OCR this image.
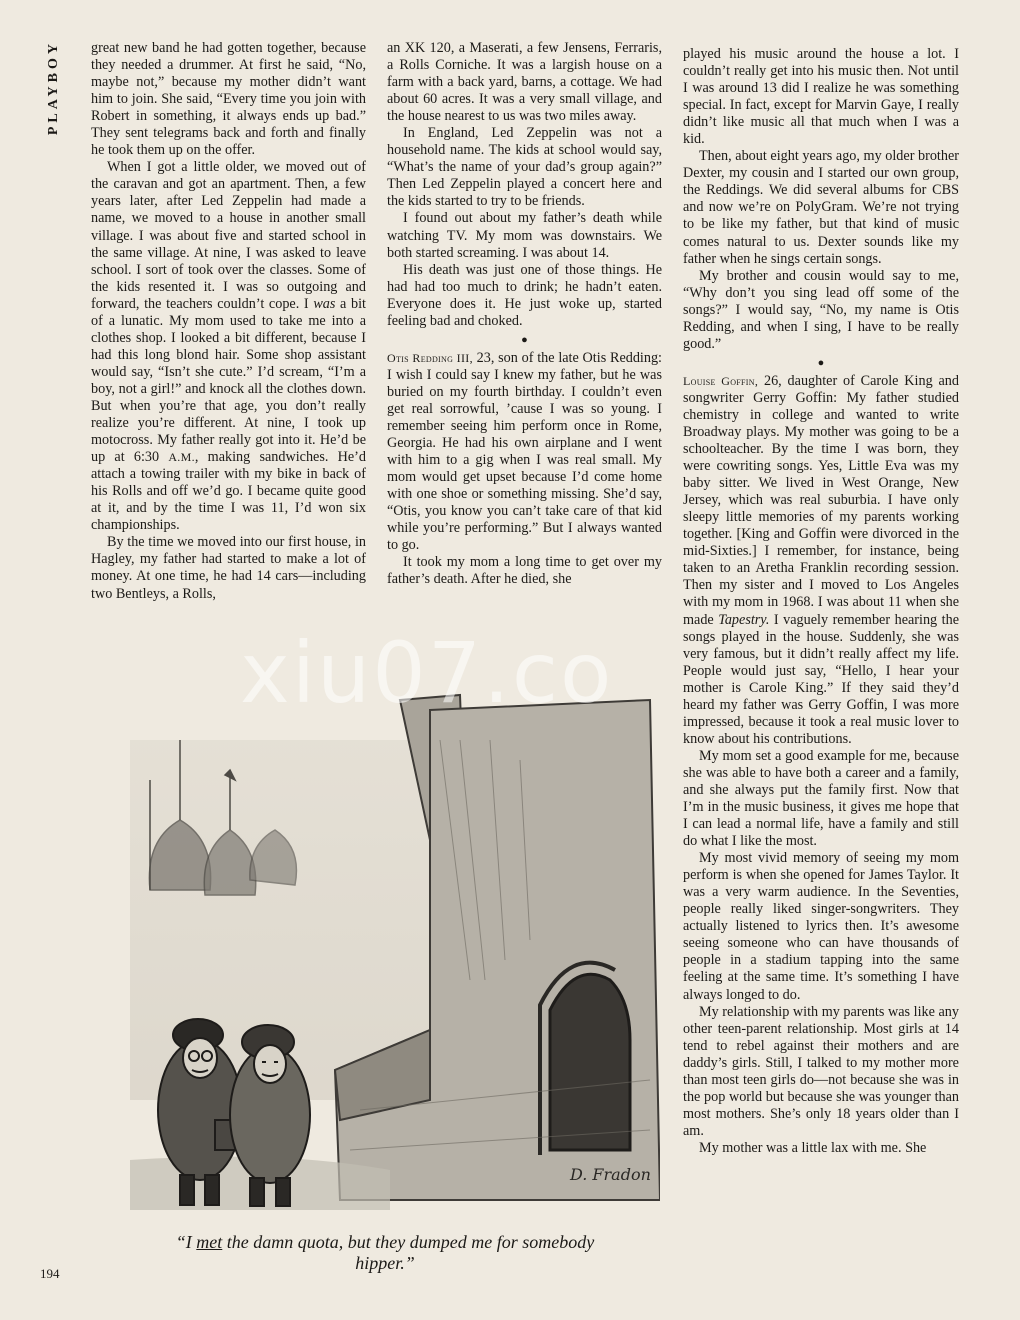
PLAYBOY	great new band he had gotten together, because they needed a drummer. At first he said, “No, maybe not,” because my mother didn’t want him to join. She said, “Every time you join with Robert in something, it always ends up bad.” They sent telegrams back and forth and finally he took them up on the offer.

When I got a little older, we moved out of the caravan and got an apartment. Then, a few years later, after Led Zeppelin had made a name, we moved to a house in another small village. I was about five and started school in the same village. At nine, I was asked to leave school. I sort of took over the classes. Some of the kids resented it. I was so outgoing and forward, the teachers couldn’t cope. I was a bit of a lunatic. My mom used to take me into a clothes shop. I looked a bit different, because I had this long blond hair. Some shop assistant would say, “Isn’t she cute.” I’d scream, “I’m a boy, not a girl!” and knock all the clothes down. But when you’re that age, you don’t really realize you’re different. At nine, I took up motocross. My father really got into it. He’d be up at 6:30 A.M., making sandwiches. He’d attach a towing trailer with my bike in back of his Rolls and off we’d go. I became quite good at it, and by the time I was 11, I’d won six championships.

By the time we moved into our first house, in Hagley, my father had started to make a lot of money. At one time, he had 14 cars—including two Bentleys, a Rolls,

an XK 120, a Maserati, a few Jensens, Ferraris, a Rolls Corniche. It was a largish house on a farm with a back yard, barns, a cottage. We had about 60 acres. It was a very small village, and the house nearest to us was two miles away.

In England, Led Zeppelin was not a household name. The kids at school would say, “What’s the name of your dad’s group again?” Then Led Zeppelin played a concert here and the kids started to try to be friends.

I found out about my father’s death while watching TV. My mom was downstairs. We both started screaming. I was about 14.

His death was just one of those things. He had had too much to drink; he hadn’t eaten. Everyone does it. He just woke up, started feeling bad and choked.

●

Otis Redding III, 23, son of the late Otis Redding: I wish I could say I knew my father, but he was buried on my fourth birthday. I couldn’t even get real sorrowful, ’cause I was so young. I remember seeing him perform once in Rome, Georgia. He had his own airplane and I went with him to a gig when I was real small. My mom would get upset because I’d come home with one shoe or something missing. She’d say, “Otis, you know you can’t take care of that kid while you’re performing.” But I always wanted to go.

It took my mom a long time to get over my father’s death. After he died, she

played his music around the house a lot. I couldn’t really get into his music then. Not until I was around 13 did I realize he was something special. In fact, except for Marvin Gaye, I really didn’t like music all that much when I was a kid.

Then, about eight years ago, my older brother Dexter, my cousin and I started our own group, the Reddings. We did several albums for CBS and now we’re on PolyGram. We’re not trying to be like my father, but that kind of music comes natural to us. Dexter sounds like my father when he sings certain songs.

My brother and cousin would say to me, “Why don’t you sing lead off some of the songs?” I would say, “No, my name is Otis Redding, and when I sing, I have to be really good.”

●

Louise Goffin, 26, daughter of Carole King and songwriter Gerry Goffin: My father studied chemistry in college and wanted to write Broadway plays. My mother was going to be a schoolteacher. By the time I was born, they were cowriting songs. Yes, Little Eva was my baby sitter. We lived in West Orange, New Jersey, which was real suburbia. I have only sleepy little memories of my parents working together. [King and Goffin were divorced in the mid-Sixties.] I remember, for instance, being taken to an Aretha Franklin recording session. Then my sister and I moved to Los Angeles with my mom in 1968. I was about 11 when she made Tapestry. I vaguely remember hearing the songs played in the house. Suddenly, she was very famous, but it didn’t really affect my life. People would just say, “Hello, I hear your mother is Carole King.” If they said they’d heard my father was Gerry Goffin, I was more impressed, because it took a real music lover to know about his contributions.

My mom set a good example for me, because she was able to have both a career and a family, and she always put the family first. Now that I’m in the music business, it gives me hope that I can lead a normal life, have a family and still do what I like the most.

My most vivid memory of seeing my mom perform is when she opened for James Taylor. It was a very warm audience. In the Seventies, people really liked singer-songwriters. They actually listened to lyrics then. It’s awesome seeing someone who can have thousands of people in a stadium tapping into the same feeling at the same time. It’s something I have always longed to do.

My relationship with my parents was like any other teen-parent relationship. Most girls at 14 tend to rebel against their mothers and are daddy’s girls. Still, I talked to my mother more than most teen girls do—not because she was in the pop world but because she was younger than most mothers. She’s only 18 years older than I am.

My mother was a little lax with me. She

D. Fradon
“I met the damn quota, but they dumped me for somebody hipper.”
194
xiu07.co
